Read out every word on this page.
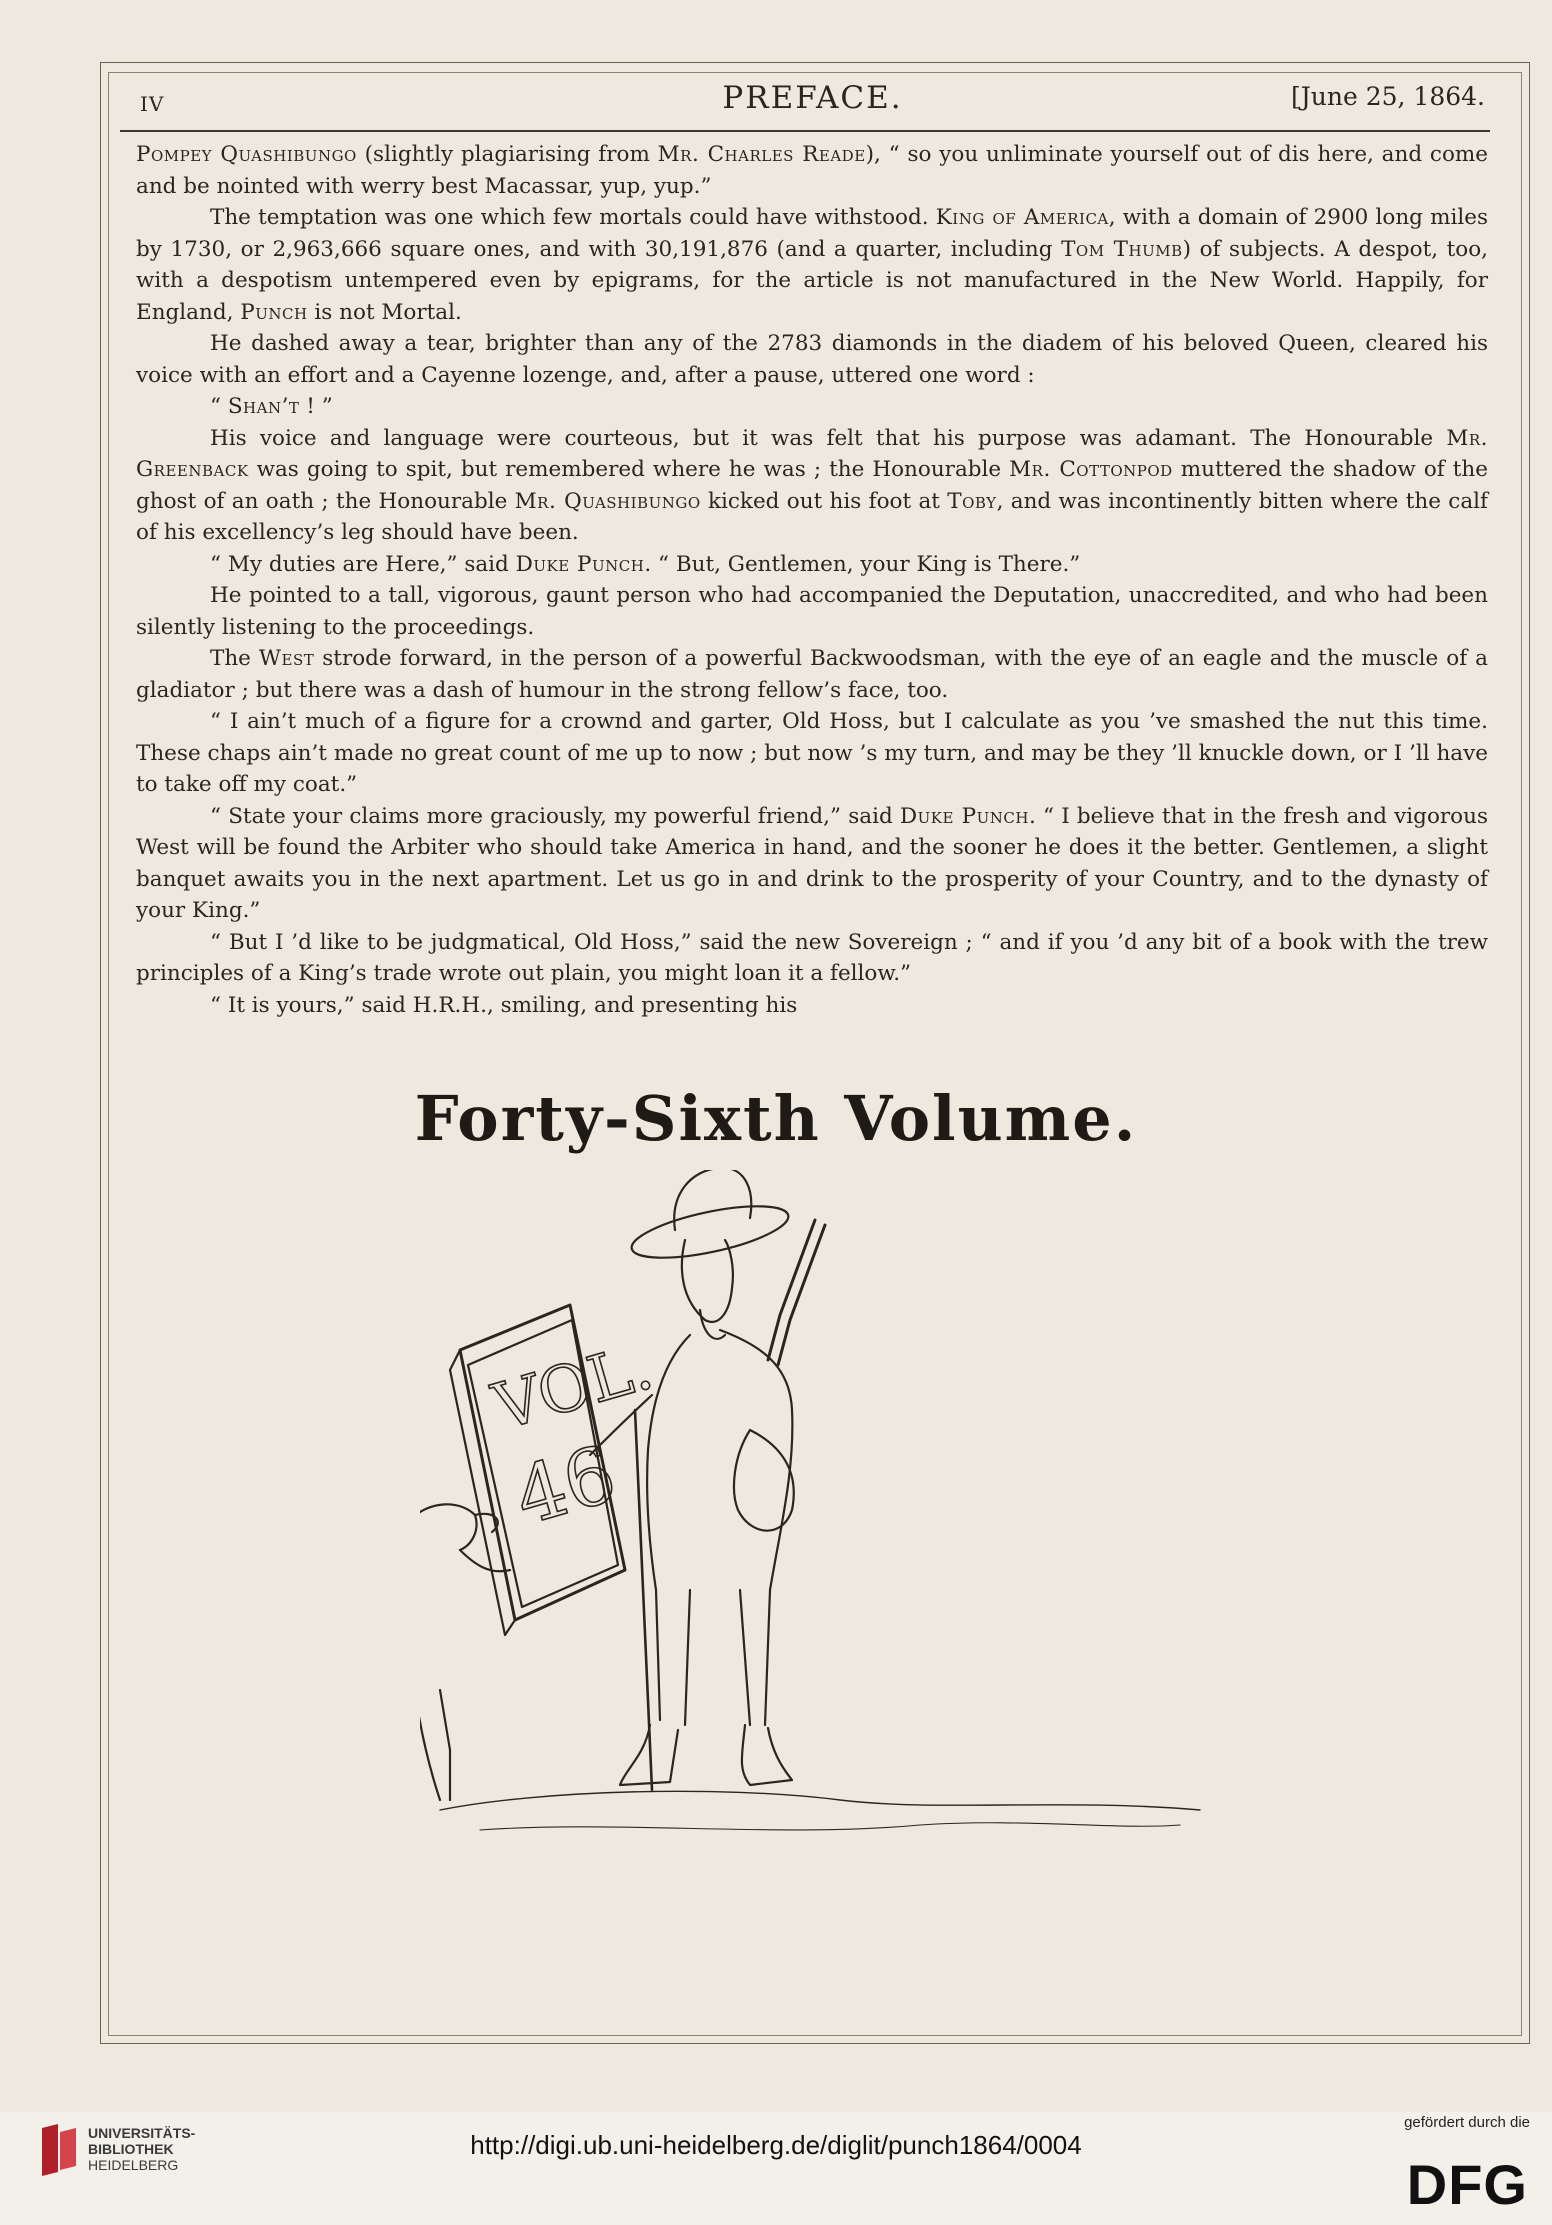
IV	PREFACE.	[June 25, 1864.

Pompey Quashibungo (slightly plagiarising from Mr. Charles Reade), “ so you unliminate yourself out of dis here, and come and be nointed with werry best Macassar, yup, yup.”

The temptation was one which few mortals could have withstood. King of America, with a domain of 2900 long miles by 1730, or 2,963,666 square ones, and with 30,191,876 (and a quarter, including Tom Thumb) of subjects. A despot, too, with a despotism untempered even by epigrams, for the article is not manufactured in the New World. Happily, for England, Punch is not Mortal.

He dashed away a tear, brighter than any of the 2783 diamonds in the diadem of his beloved Queen, cleared his voice with an effort and a Cayenne lozenge, and, after a pause, uttered one word :

“ Shan’t ! ”

His voice and language were courteous, but it was felt that his purpose was adamant. The Honourable Mr. Greenback was going to spit, but remembered where he was ; the Honourable Mr. Cottonpod muttered the shadow of the ghost of an oath ; the Honourable Mr. Quashibungo kicked out his foot at Toby, and was incontinently bitten where the calf of his excellency’s leg should have been.

“ My duties are Here,” said Duke Punch. “ But, Gentlemen, your King is There.”

He pointed to a tall, vigorous, gaunt person who had accompanied the Deputation, unaccredited, and who had been silently listening to the proceedings.

The West strode forward, in the person of a powerful Backwoodsman, with the eye of an eagle and the muscle of a gladiator ; but there was a dash of humour in the strong fellow’s face, too.

“ I ain’t much of a figure for a crownd and garter, Old Hoss, but I calculate as you ’ve smashed the nut this time. These chaps ain’t made no great count of me up to now ; but now ’s my turn, and may be they ’ll knuckle down, or I ’ll have to take off my coat.”

“ State your claims more graciously, my powerful friend,” said Duke Punch. “ I believe that in the fresh and vigorous West will be found the Arbiter who should take America in hand, and the sooner he does it the better. Gentlemen, a slight banquet awaits you in the next apartment. Let us go in and drink to the prosperity of your Country, and to the dynasty of your King.”

“ But I ’d like to be judgmatical, Old Hoss,” said the new Sovereign ; “ and if you ’d any bit of a book with the trew principles of a King’s trade wrote out plain, you might loan it a fellow.”

“ It is yours,” said H.R.H., smiling, and presenting his

Forty-Sixth Volume.
VOL.
46
UNIVERSITÄTS-
BIBLIOTHEK
HEIDELBERG
http://digi.ub.uni-heidelberg.de/diglit/punch1864/0004
gefördert durch die
DFG
